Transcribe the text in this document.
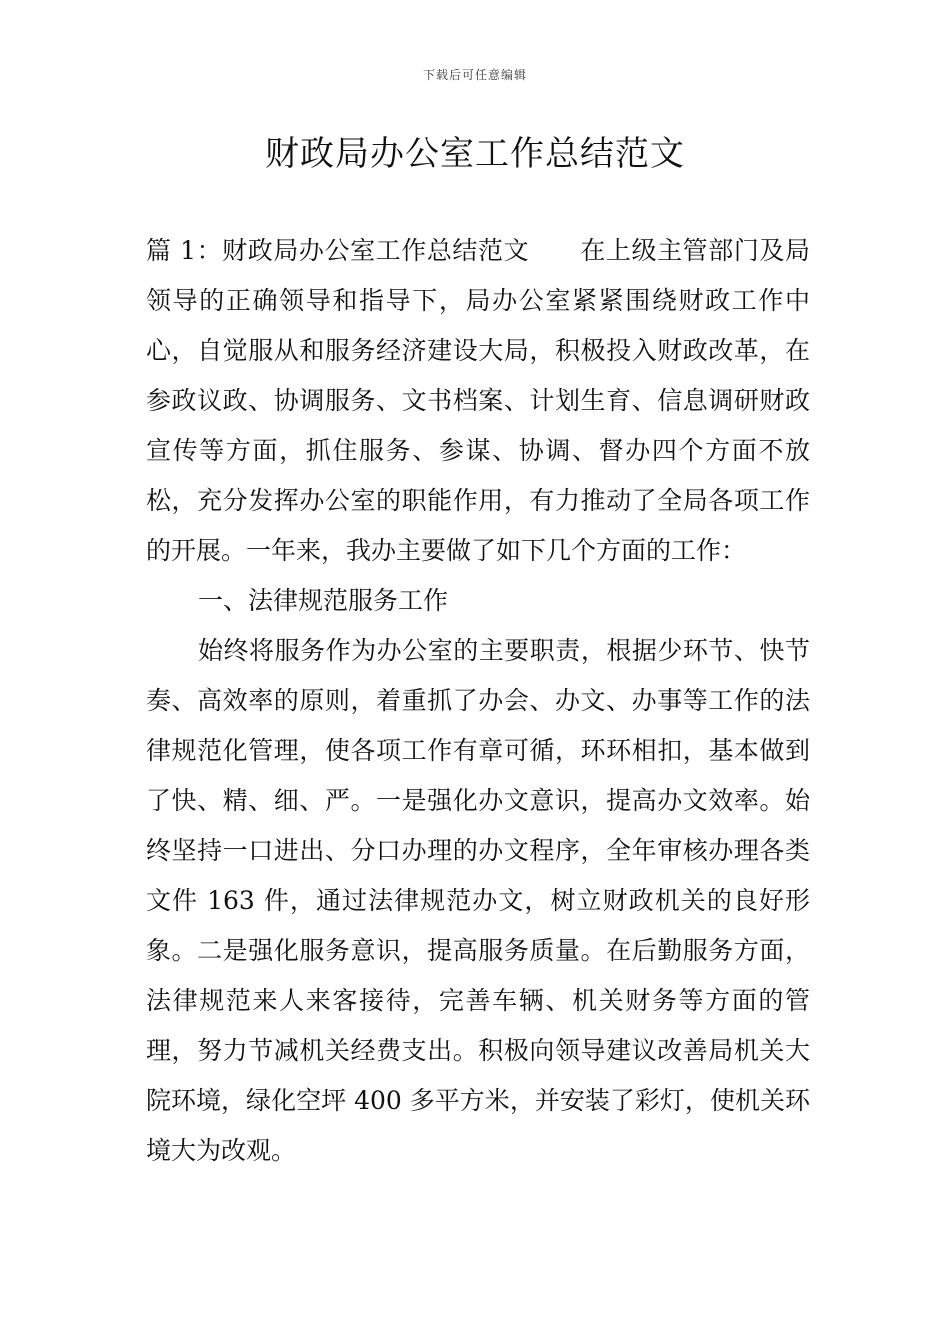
下载后可任意编辑
财政局办公室工作总结范文

篇 1：财政局办公室工作总结范文　　在上级主管部门及局领导的正确领导和指导下，局办公室紧紧围绕财政工作中心，自觉服从和服务经济建设大局，积极投入财政改革，在参政议政、协调服务、文书档案、计划生育、信息调研财政宣传等方面，抓住服务、参谋、协调、督办四个方面不放松，充分发挥办公室的职能作用，有力推动了全局各项工作的开展。一年来，我办主要做了如下几个方面的工作：

一、法律规范服务工作

始终将服务作为办公室的主要职责，根据少环节、快节奏、高效率的原则，着重抓了办会、办文、办事等工作的法律规范化管理，使各项工作有章可循，环环相扣，基本做到了快、精、细、严。一是强化办文意识，提高办文效率。始终坚持一口进出、分口办理的办文程序，全年审核办理各类文件 163 件，通过法律规范办文，树立财政机关的良好形象。二是强化服务意识，提高服务质量。在后勤服务方面，法律规范来人来客接待，完善车辆、机关财务等方面的管理，努力节减机关经费支出。积极向领导建议改善局机关大院环境，绿化空坪 400 多平方米，并安装了彩灯，使机关环境大为改观。
